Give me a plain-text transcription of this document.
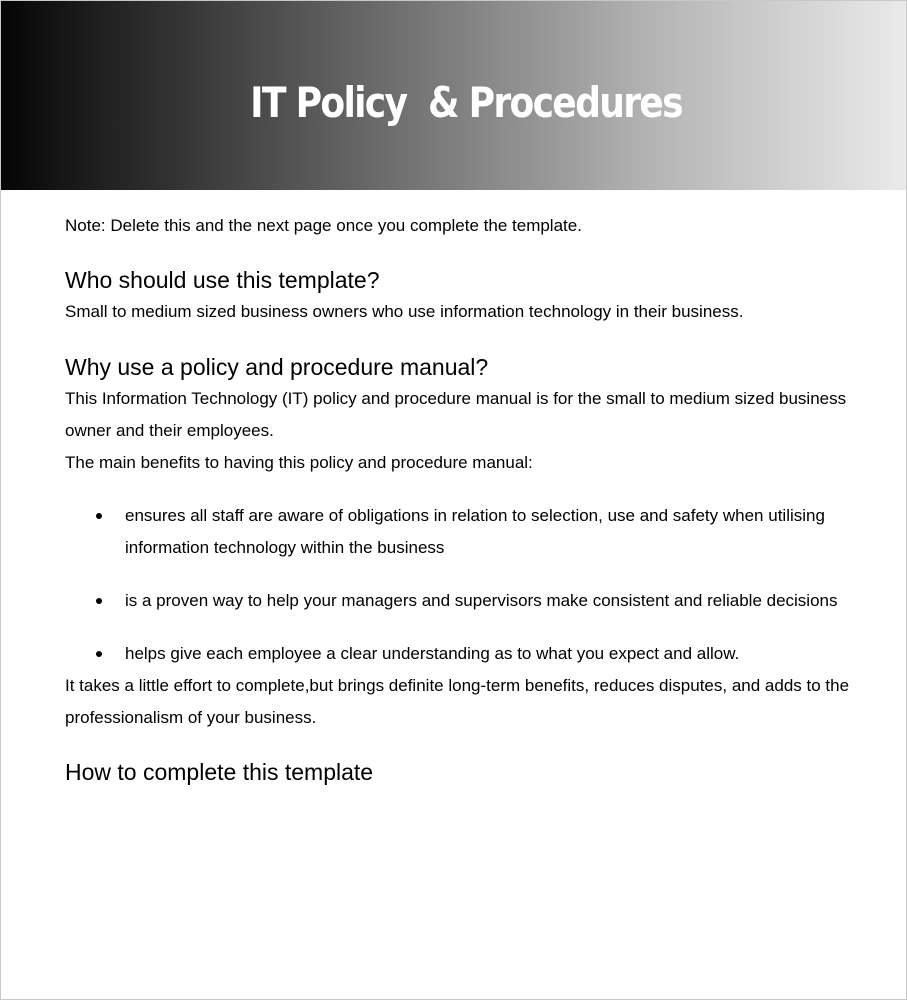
IT Policy  & Procedures

Note: Delete this and the next page once you complete the template.

Who should use this template?

Small to medium sized business owners who use information technology in their business.

Why use a policy and procedure manual?

This Information Technology (IT) policy and procedure manual is for the small to medium sized business owner and their employees.

The main benefits to having this policy and procedure manual:

ensures all staff are aware of obligations in relation to selection, use and safety when utilising information technology within the business
is a proven way to help your managers and supervisors make consistent and reliable decisions
helps give each employee a clear understanding as to what you expect and allow.

It takes a little effort to complete,but brings definite long-term benefits, reduces disputes, and adds to the professionalism of your business.

How to complete this template
